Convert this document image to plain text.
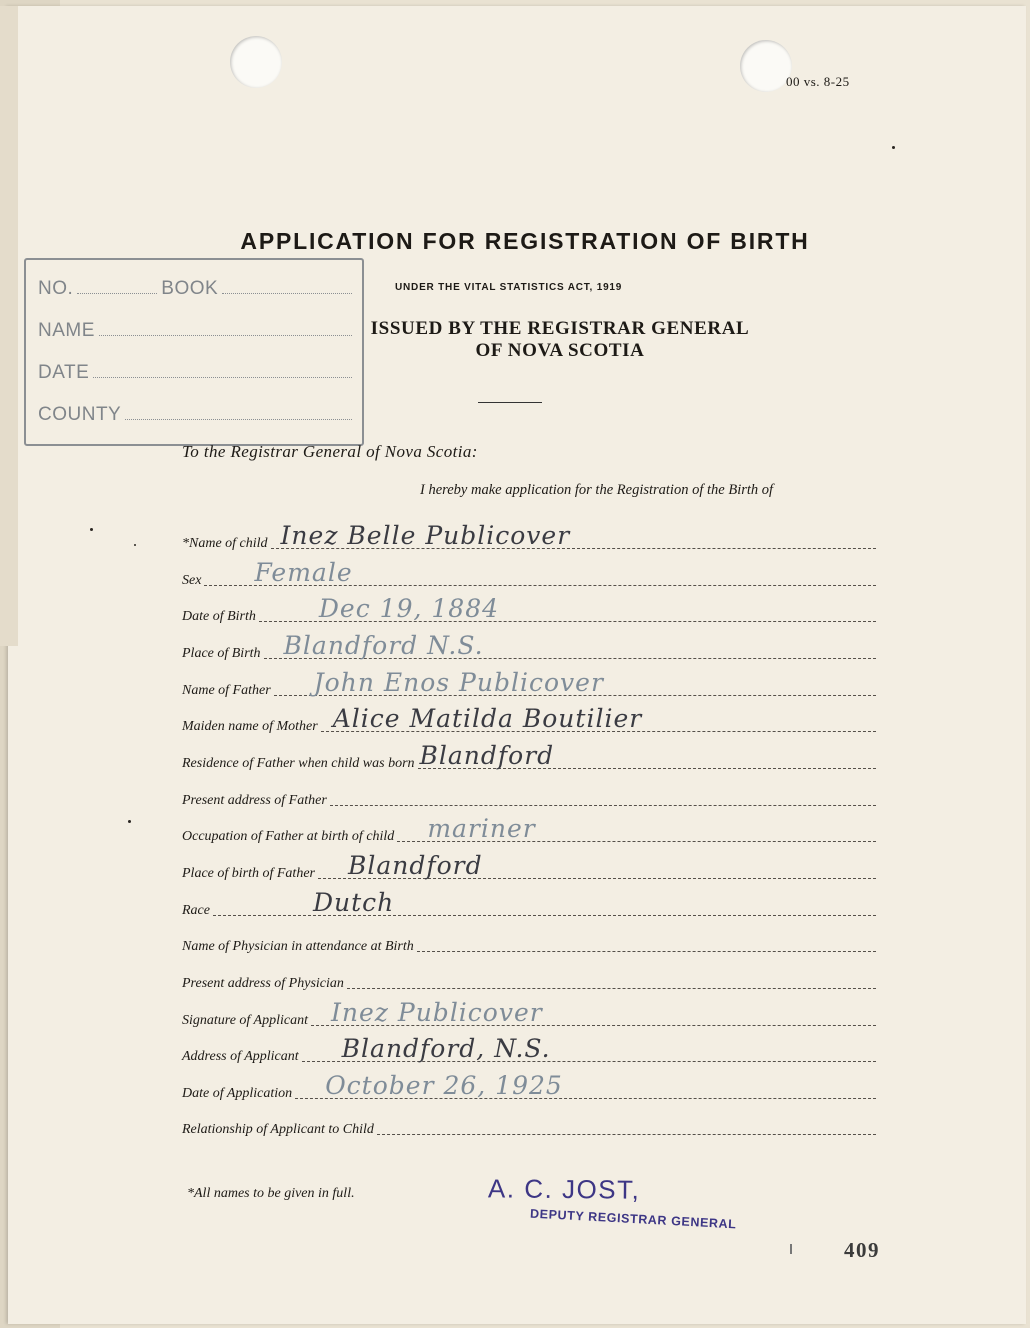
00 vs. 8-25
APPLICATION FOR REGISTRATION OF BIRTH
UNDER THE VITAL STATISTICS ACT, 1919
ISSUED BY THE REGISTRAR GENERAL
OF NOVA SCOTIA
NO.	BOOK
NAME
DATE
COUNTY
To the Registrar General of Nova Scotia:
I hereby make application for the Registration of the Birth of
*Name of child Inez Belle Publicover
Sex Female
Date of Birth	Dec 19, 1884
Place of Birth Blandford N.S.
Name of Father John Enos Publicover
Maiden name of Mother Alice Matilda Boutilier
Residence of Father when child was born Blandford
Present address of Father
Occupation of Father at birth of child mariner
Place of birth of Father Blandford
Race	Dutch
Name of Physician in attendance at Birth
Present address of Physician
Signature of Applicant Inez Publicover
Address of Applicant Blandford, N.S.
Date of Application October 26, 1925
Relationship of Applicant to Child
*All names to be given in full.	A. C. JOST,
DEPUTY REGISTRAR GENERAL
409
